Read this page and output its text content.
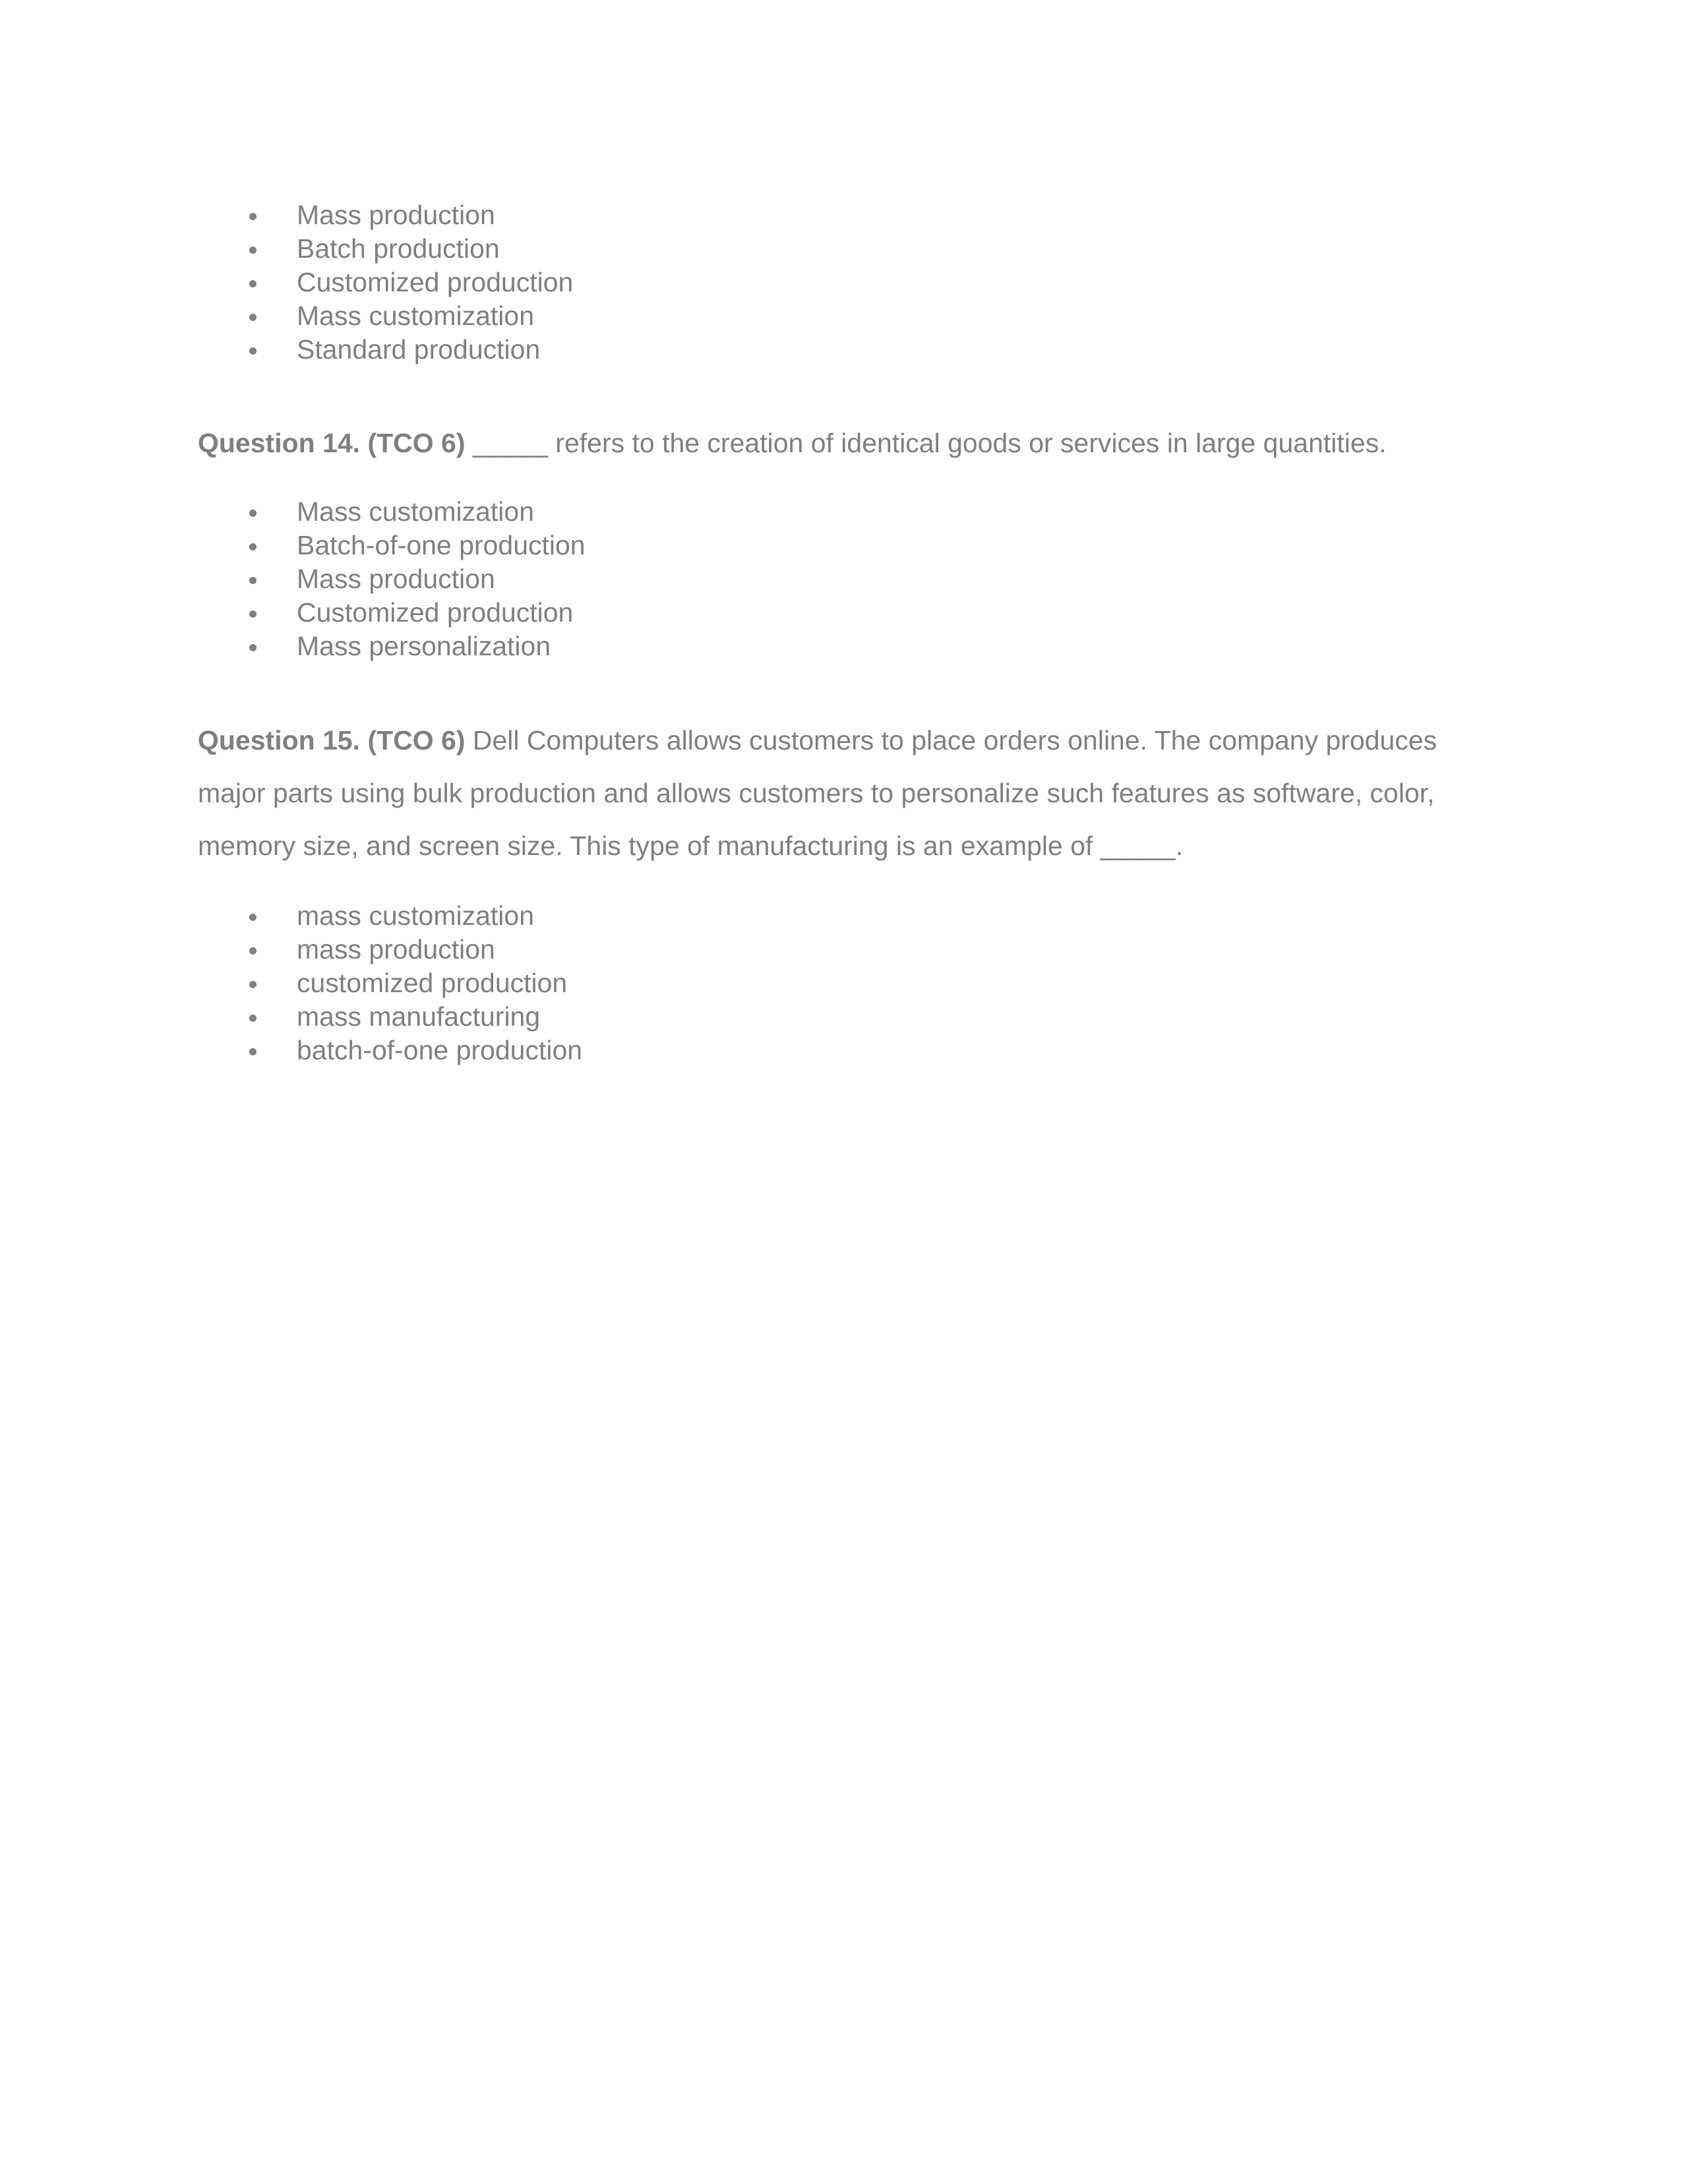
Mass production
Batch production
Customized production
Mass customization
Standard production

Question 14. (TCO 6) _____ refers to the creation of identical goods or services in large quantities.

Mass customization
Batch-of-one production
Mass production
Customized production
Mass personalization

Question 15. (TCO 6) Dell Computers allows customers to place orders online. The company produces major parts using bulk production and allows customers to personalize such features as software, color, memory size, and screen size. This type of manufacturing is an example of _____.

mass customization
mass production
customized production
mass manufacturing
batch-of-one production
